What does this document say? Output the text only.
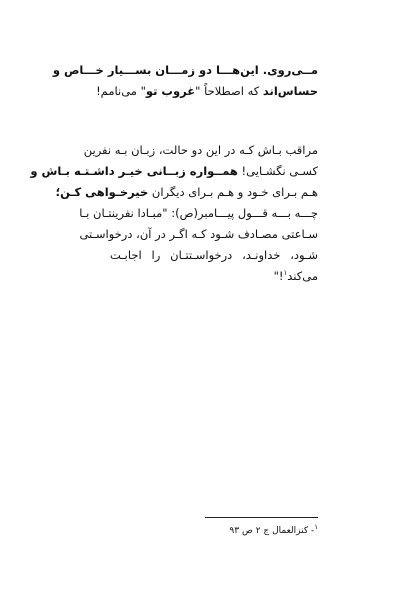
مــی‌روی. این‌هـــا دو زمـــان بســـیار خـــاص و
حساس‌اند که اصطلاحاً "غروب تو" می‌نامم!
مراقب بـاش کـه در این دو حالت، زبـان بـه نفرین
کسـی نگشـایی! همــواره زبــانی خیـر داشـتـه بـاش و
هـم بـرای خـود و هـم بـرای دیگران خیرخـواهی کـن؛
چـــه بـــه قـــول پیـــامبر(ص): "مبـادا نفرینتـان بـا
سـاعتی مصـادف شـود کـه اگـر در آن، درخواسـتی
شـود، خداونـد، درخواسـتتـان را اجابـت
می‌کند$^۱$!"
$^۱$- کنزالعمال ج ۲ ص ۹۳
